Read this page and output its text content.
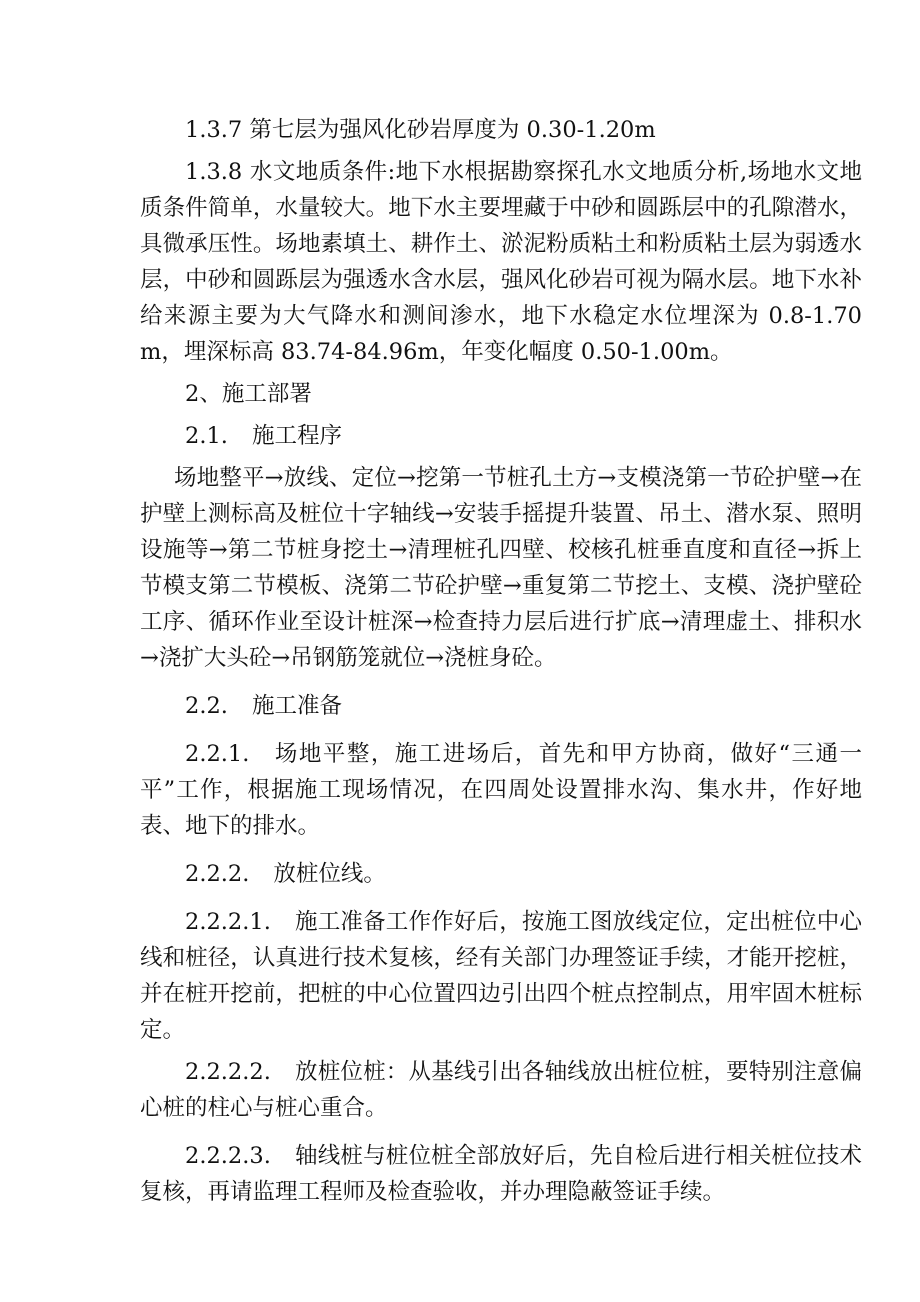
1.3.7 第七层为强风化砂岩厚度为 0.30-1.20m

1.3.8 水文地质条件:地下水根据勘察探孔水文地质分析,场地水文地质条件简单，水量较大。地下水主要埋藏于中砂和圆跞层中的孔隙潜水，具微承压性。场地素填土、耕作土、淤泥粉质粘土和粉质粘土层为弱透水层，中砂和圆跞层为强透水含水层，强风化砂岩可视为隔水层。地下水补给来源主要为大气降水和测间渗水，地下水稳定水位埋深为 0.8-1.70m，埋深标高 83.74-84.96m，年变化幅度 0.50-1.00m。

2、施工部署

2.1. 施工程序

场地整平→放线、定位→挖第一节桩孔土方→支模浇第一节砼护壁→在护壁上测标高及桩位十字轴线→安装手摇提升装置、吊土、潜水泵、照明设施等→第二节桩身挖土→清理桩孔四壁、校核孔桩垂直度和直径→拆上节模支第二节模板、浇第二节砼护壁→重复第二节挖土、支模、浇护壁砼工序、循环作业至设计桩深→检查持力层后进行扩底→清理虚土、排积水→浇扩大头砼→吊钢筋笼就位→浇桩身砼。

2.2. 施工准备

2.2.1. 场地平整，施工进场后，首先和甲方协商，做好“三通一平”工作，根据施工现场情况，在四周处设置排水沟、集水井，作好地表、地下的排水。

2.2.2. 放桩位线。

2.2.2.1. 施工准备工作作好后，按施工图放线定位，定出桩位中心线和桩径，认真进行技术复核，经有关部门办理签证手续，才能开挖桩，并在桩开挖前，把桩的中心位置四边引出四个桩点控制点，用牢固木桩标定。

2.2.2.2. 放桩位桩：从基线引出各轴线放出桩位桩，要特别注意偏心桩的柱心与桩心重合。

2.2.2.3. 轴线桩与桩位桩全部放好后，先自检后进行相关桩位技术复核，再请监理工程师及检查验收，并办理隐蔽签证手续。
